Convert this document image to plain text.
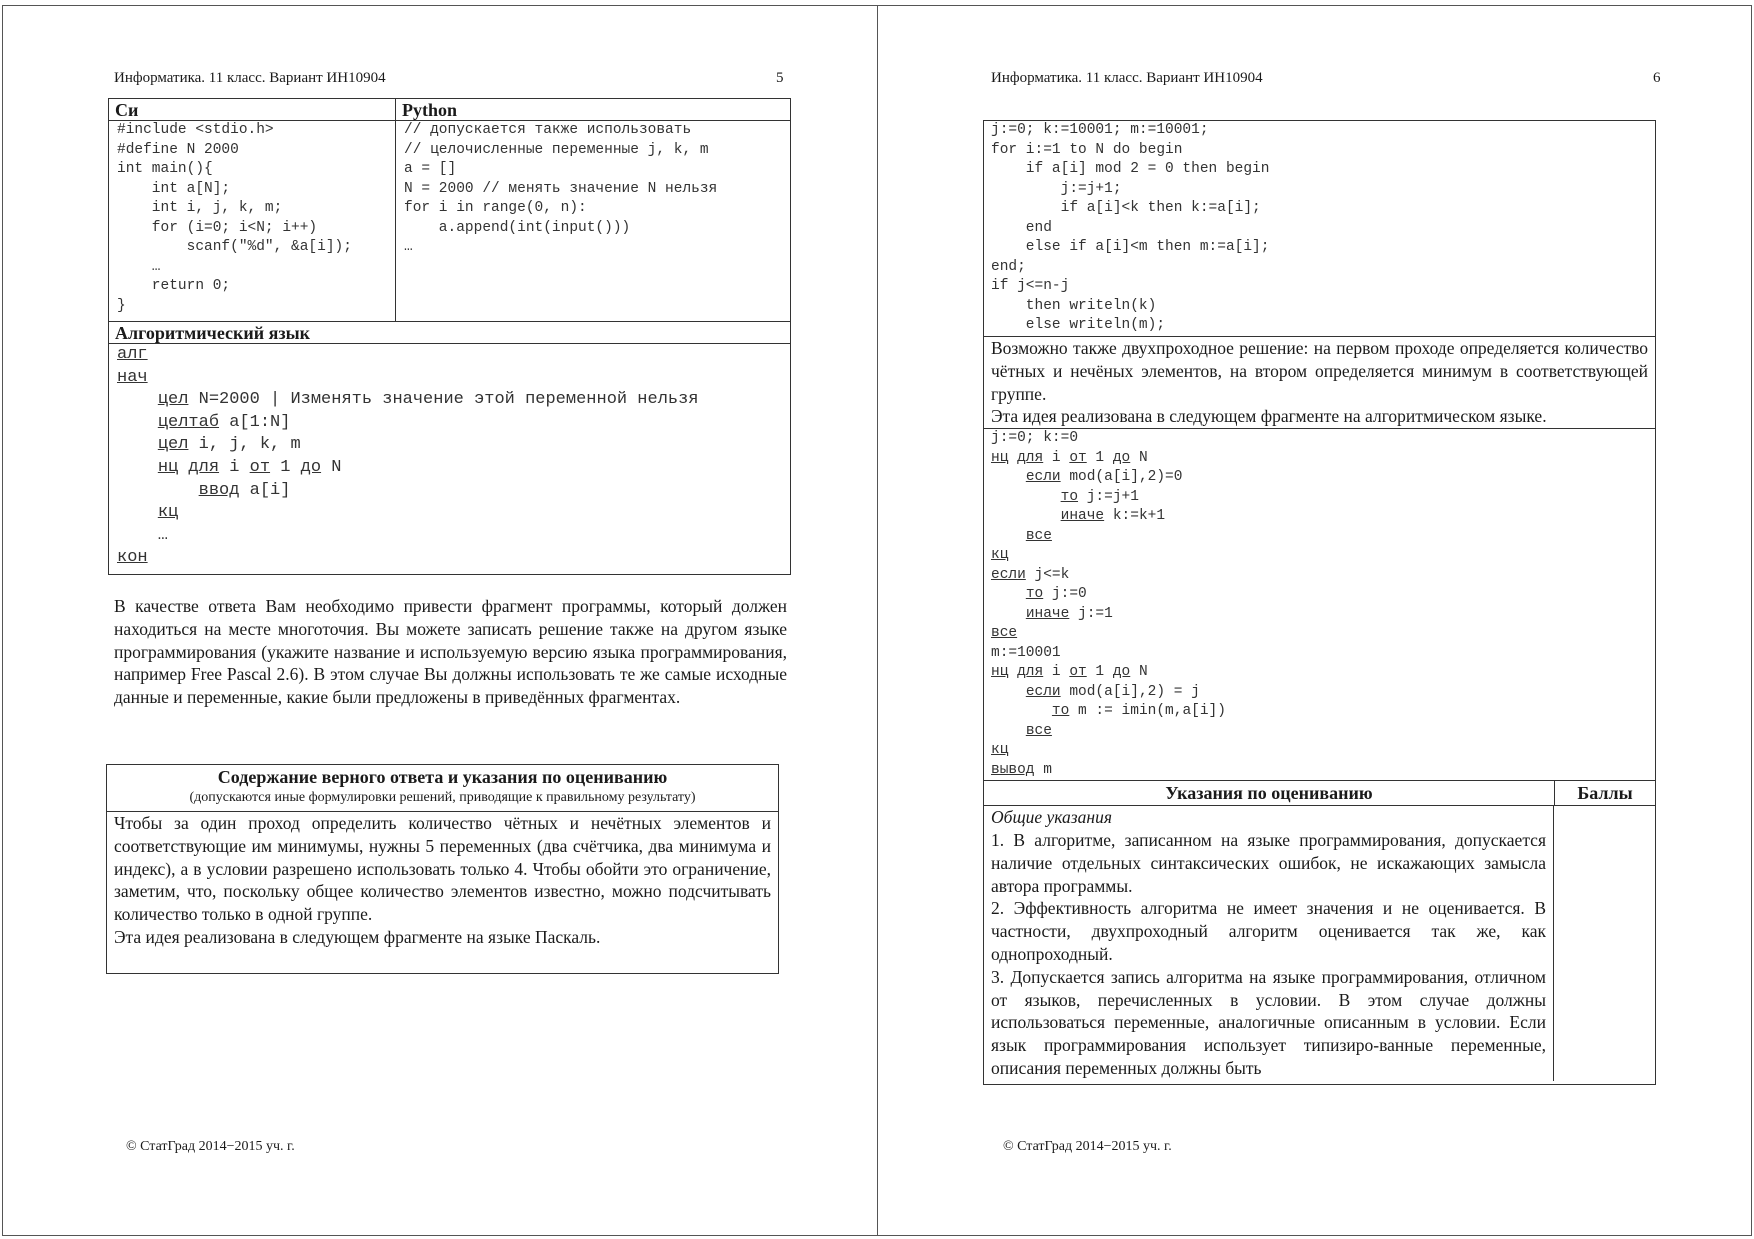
Информатика. 11 класс. Вариант ИН10904	5
Си
#include <stdio.h>
#define N 2000
int main(){
int a[N];
int i, j, k, m;
for (i=0; i<N; i++)
scanf("%d", &a[i]);
…
return 0;
}
Python
// допускается также использовать
// целочисленные переменные j, k, m
a = []
N = 2000 // менять значение N нельзя
for i in range(0, n):
a.append(int(input()))
…
Алгоритмический язык
алг
нач
цел N=2000 | Изменять значение этой переменной нельзя
целтаб a[1:N]
цел i, j, k, m
нц для i от 1 до N
ввод a[i]
кц
…
кон
В качестве ответа Вам необходимо привести фрагмент программы, который должен находиться на месте многоточия. Вы можете записать решение также на другом языке программирования (укажите название и используемую версию языка программирования, например Free Pascal 2.6). В этом случае Вы должны использовать те же самые исходные данные и переменные, какие были предложены в приведённых фрагментах.
Содержание верного ответа и указания по оцениванию
(допускаются иные формулировки решений, приводящие к правильному результату)
Чтобы за один проход определить количество чётных и нечётных элементов и соответствующие им минимумы, нужны 5 переменных (два счётчика, два минимума и индекс), а в условии разрешено использовать только 4. Чтобы обойти это ограничение, заметим, что, поскольку общее количество элементов известно, можно подсчитывать количество только в одной группе.
Эта идея реализована в следующем фрагменте на языке Паскаль.
© СтатГрад 2014−2015 уч. г.
Информатика. 11 класс. Вариант ИН10904	6
j:=0; k:=10001; m:=10001;
for i:=1 to N do begin
if a[i] mod 2 = 0 then begin
j:=j+1;
if a[i]<k then k:=a[i];
end
else if a[i]<m then m:=a[i];
end;
if j<=n-j
then writeln(k)
else writeln(m);
Возможно также двухпроходное решение: на первом проходе определяется количество чётных и нечёных элементов, на втором определяется минимум в соответствующей группе.
Эта идея реализована в следующем фрагменте на алгоритмическом языке.
j:=0; k:=0
нц для i от 1 до N
если mod(a[i],2)=0
то j:=j+1
иначе k:=k+1
все
кц
если j<=k
то j:=0
иначе j:=1
все
m:=10001
нц для i от 1 до N
если mod(a[i],2) = j
то m := imin(m,a[i])
все
кц
вывод m
Указания по оцениванию	Баллы
Общие указания
1. В алгоритме, записанном на языке программирования, допускается наличие отдельных синтаксических ошибок, не искажающих замысла автора программы.
2. Эффективность алгоритма не имеет значения и не оценивается. В частности, двухпроходный алгоритм оценивается так же, как однопроходный.
3. Допускается запись алгоритма на языке программирования, отличном от языков, перечисленных в условии. В этом случае должны использоваться переменные, аналогичные описанным в условии. Если язык программирования использует типизиро-ванные переменные, описания переменных должны быть
© СтатГрад 2014−2015 уч. г.
